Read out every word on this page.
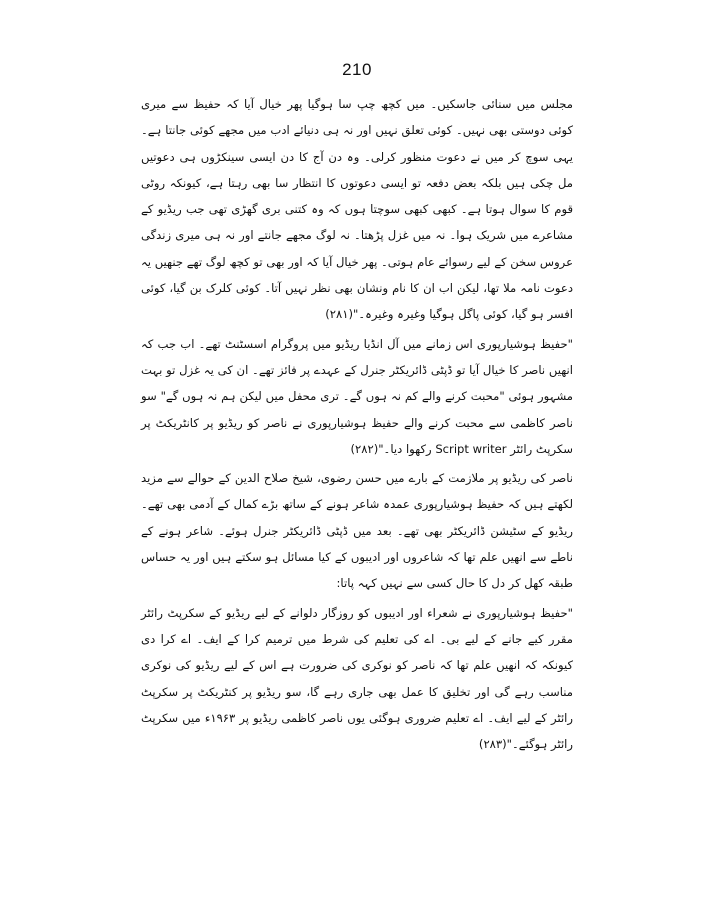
210

مجلس میں سنائی جاسکیں۔ میں کچھ چپ سا ہوگیا پھر خیال آیا کہ حفیظ سے میری کوئی دوستی بھی نہیں۔ کوئی تعلق نہیں اور نہ ہی دنیائے ادب میں مجھے کوئی جانتا ہے۔ یہی سوچ کر میں نے دعوت منظور کرلی۔ وہ دن آج کا دن ایسی سینکڑوں ہی دعوتیں مل چکی ہیں بلکہ بعض دفعہ تو ایسی دعوتوں کا انتظار سا بھی رہتا ہے، کیونکہ روٹی قوم کا سوال ہوتا ہے۔ کبھی کبھی سوچتا ہوں کہ وہ کتنی بری گھڑی تھی جب ریڈیو کے مشاعرے میں شریک ہوا۔ نہ میں غزل پڑھتا۔ نہ لوگ مجھے جانتے اور نہ ہی میری زندگی عروس سخن کے لیے رسوائے عام ہوتی۔ پھر خیال آیا کہ اور بھی تو کچھ لوگ تھے جنھیں یہ دعوت نامہ ملا تھا، لیکن اب ان کا نام ونشان بھی نظر نہیں آتا۔ کوئی کلرک بن گیا، کوئی افسر ہو گیا، کوئی پاگل ہوگیا وغیرہ وغیرہ۔"(۲۸۱)

"حفیظ ہوشیارپوری اس زمانے میں آل انڈیا ریڈیو میں پروگرام اسسٹنٹ تھے۔ اب جب کہ انھیں ناصر کا خیال آیا تو ڈپٹی ڈائریکٹر جنرل کے عہدے پر فائز تھے۔ ان کی یہ غزل تو بہت مشہور ہوئی "محبت کرنے والے کم نہ ہوں گے۔ تری محفل میں لیکن ہم نہ ہوں گے" سو ناصر کاظمی سے محبت کرنے والے حفیظ ہوشیارپوری نے ناصر کو ریڈیو پر کانٹریکٹ پر سکرپٹ رائٹر Script writer رکھوا دیا۔"(۲۸۲)

ناصر کی ریڈیو پر ملازمت کے بارے میں حسن رضوی، شیخ صلاح الدین کے حوالے سے مزید لکھتے ہیں کہ حفیظ ہوشیارپوری عمدہ شاعر ہونے کے ساتھ بڑے کمال کے آدمی بھی تھے۔ ریڈیو کے سٹیشن ڈائریکٹر بھی تھے۔ بعد میں ڈپٹی ڈائریکٹر جنرل ہوئے۔ شاعر ہونے کے ناطے سے انھیں علم تھا کہ شاعروں اور ادیبوں کے کیا مسائل ہو سکتے ہیں اور یہ حساس طبقہ کھل کر دل کا حال کسی سے نہیں کہہ پاتا:

"حفیظ ہوشیارپوری نے شعراء اور ادیبوں کو روزگار دلوانے کے لیے ریڈیو کے سکرپٹ رائٹر مقرر کیے جانے کے لیے بی۔ اے کی تعلیم کی شرط میں ترمیم کرا کے ایف۔ اے کرا دی کیونکہ کہ انھیں علم تھا کہ ناصر کو نوکری کی ضرورت ہے اس کے لیے ریڈیو کی نوکری مناسب رہے گی اور تخلیق کا عمل بھی جاری رہے گا، سو ریڈیو پر کنٹریکٹ پر سکرپٹ رائٹر کے لیے ایف۔ اے تعلیم ضروری ہوگئی یوں ناصر کاظمی ریڈیو پر ۱۹۶۳ء میں سکرپٹ رائٹر ہوگئے۔"(۲۸۳)
